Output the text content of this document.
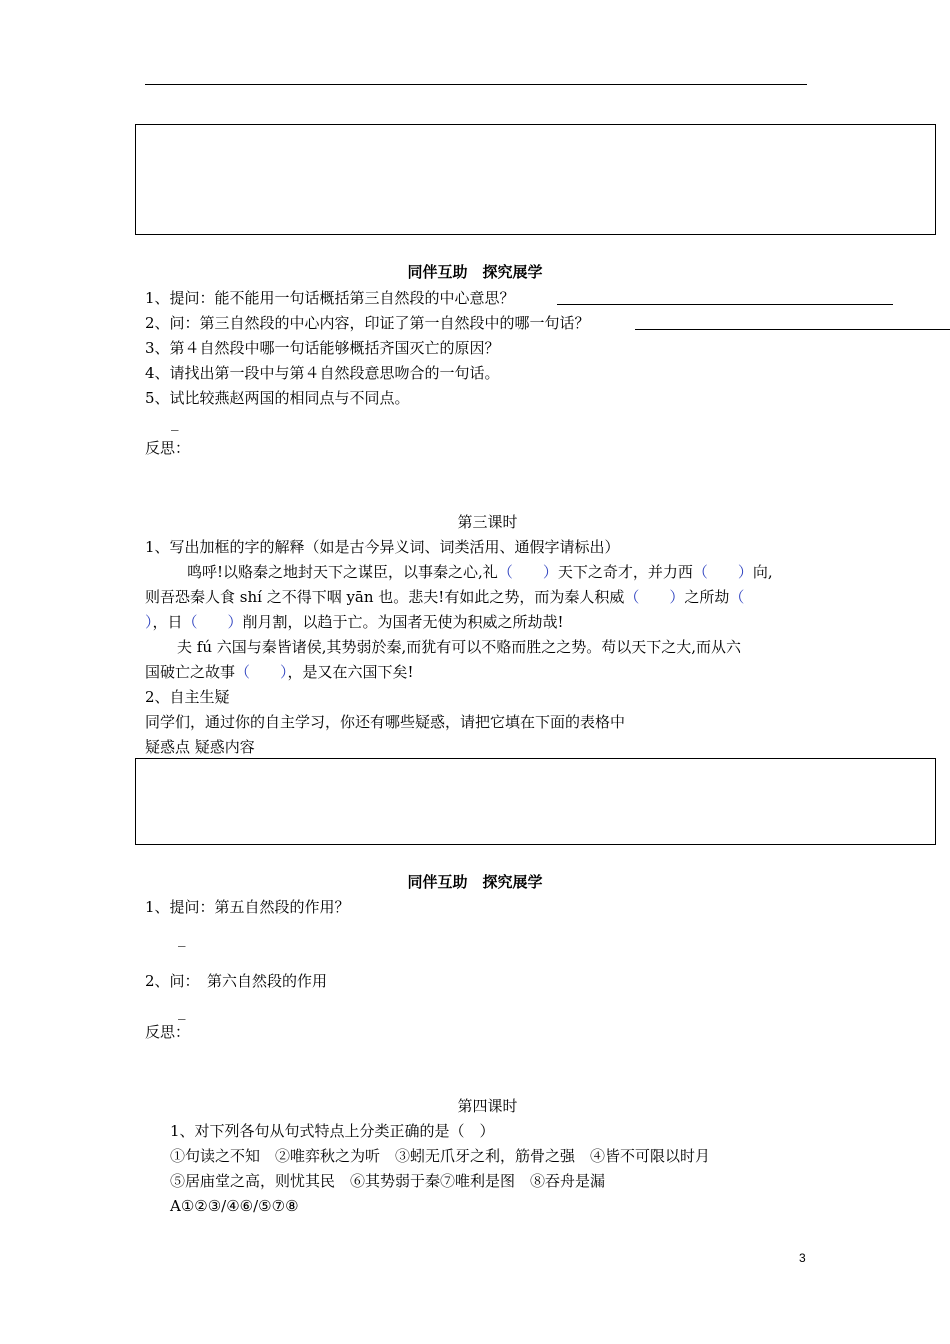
同伴互助　探究展学
1、提问：能不能用一句话概括第三自然段的中心意思？
2、问：第三自然段的中心内容，印证了第一自然段中的哪一句话？
3、第４自然段中哪一句话能够概括齐国灭亡的原因？
4、请找出第一段中与第４自然段意思吻合的一句话。
5、试比较燕赵两国的相同点与不同点。
_
反思：
第三课时
1、写出加框的字的解释（如是古今异义词、词类活用、通假字请标出）
鸣呼!以赂秦之地封天下之谋臣，以事秦之心,礼（　　）天下之奇才，并力西（　　）向,
则吾恐秦人食 shí 之不得下咽 yān 也。悲夫!有如此之势，而为秦人积威（　　）之所劫（
），日（　　）削月割，以趋于亡。为国者无使为积威之所劫哉!
夫 fú 六国与秦皆诸侯,其势弱於秦,而犹有可以不赂而胜之之势。苟以天下之大,而从六
国破亡之故事（　　），是又在六国下矣!
2、自主生疑
同学们，通过你的自主学习，你还有哪些疑惑，请把它填在下面的表格中
疑惑点 疑惑内容
同伴互助　探究展学
1、提问：第五自然段的作用？
_
2、问：　第六自然段的作用
_
反思：
第四课时
1、对下列各句从句式特点上分类正确的是（　）
①句读之不知　②唯弈秋之为听　③蚓无爪牙之利，筋骨之强　④皆不可限以时月
⑤居庙堂之高，则忧其民　⑥其势弱于秦⑦唯利是图　⑧吞舟是漏
A①②③/④⑥/⑤⑦⑧
3
